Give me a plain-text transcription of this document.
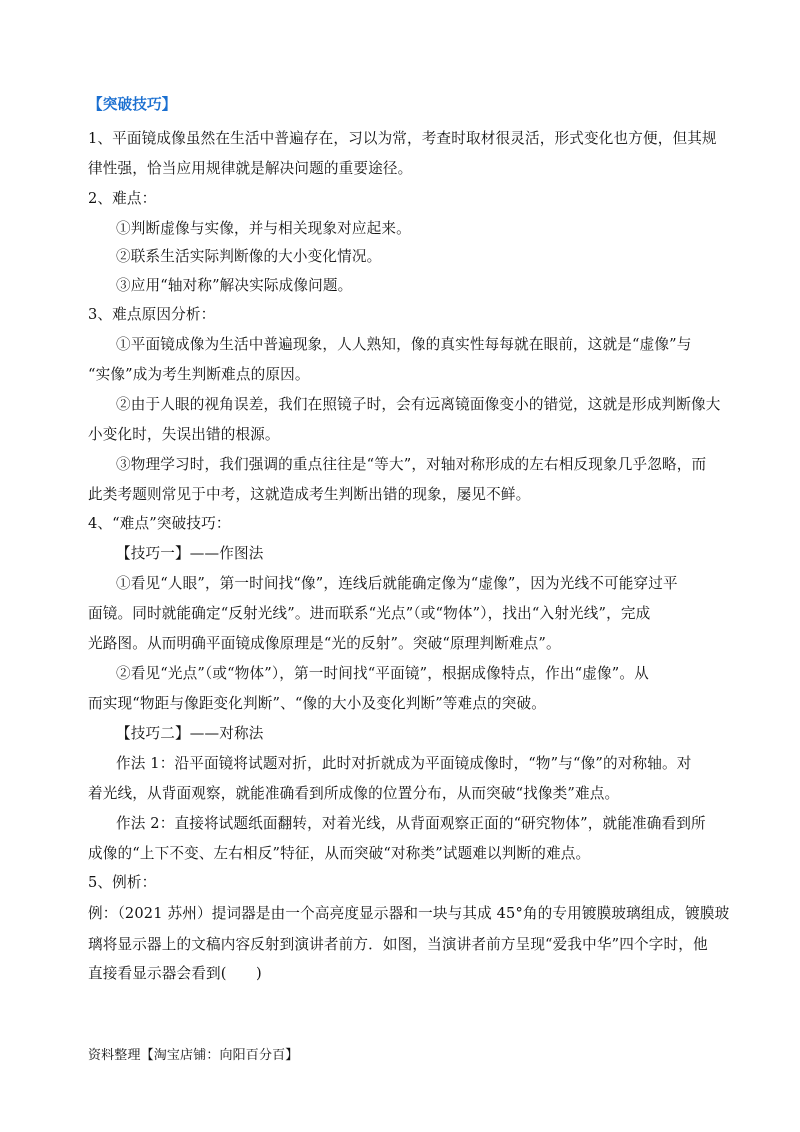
【突破技巧】
1、平面镜成像虽然在生活中普遍存在，习以为常，考查时取材很灵活，形式变化也方便，但其规
律性强，恰当应用规律就是解决问题的重要途径。
2、难点：
①判断虚像与实像，并与相关现象对应起来。
②联系生活实际判断像的大小变化情况。
③应用“轴对称”解决实际成像问题。
3、难点原因分析：
①平面镜成像为生活中普遍现象，人人熟知，像的真实性每每就在眼前，这就是“虚像”与
“实像”成为考生判断难点的原因。
②由于人眼的视角误差，我们在照镜子时，会有远离镜面像变小的错觉，这就是形成判断像大
小变化时，失误出错的根源。
③物理学习时，我们强调的重点往往是“等大”，对轴对称形成的左右相反现象几乎忽略，而
此类考题则常见于中考，这就造成考生判断出错的现象，屡见不鲜。
4、“难点”突破技巧：
【技巧一】——作图法
①看见“人眼”，第一时间找“像”，连线后就能确定像为“虚像”，因为光线不可能穿过平
面镜。同时就能确定“反射光线”。进而联系“光点”（或“物体”），找出“入射光线”，完成
光路图。从而明确平面镜成像原理是“光的反射”。突破“原理判断难点”。
②看见“光点”（或“物体”），第一时间找“平面镜”，根据成像特点，作出“虚像”。从
而实现“物距与像距变化判断”、“像的大小及变化判断”等难点的突破。
【技巧二】——对称法
作法 1：沿平面镜将试题对折，此时对折就成为平面镜成像时，“物”与“像”的对称轴。对
着光线，从背面观察，就能准确看到所成像的位置分布，从而突破“找像类”难点。
作法 2：直接将试题纸面翻转，对着光线，从背面观察正面的“研究物体”，就能准确看到所
成像的“上下不变、左右相反”特征，从而突破“对称类”试题难以判断的难点。
5、例析：
例：（2021 苏州）提词器是由一个高亮度显示器和一块与其成 45°角的专用镀膜玻璃组成，镀膜玻
璃将显示器上的文稿内容反射到演讲者前方．如图，当演讲者前方呈现“爱我中华”四个字时，他
直接看显示器会看到(　　)
资料整理【淘宝店铺：向阳百分百】
